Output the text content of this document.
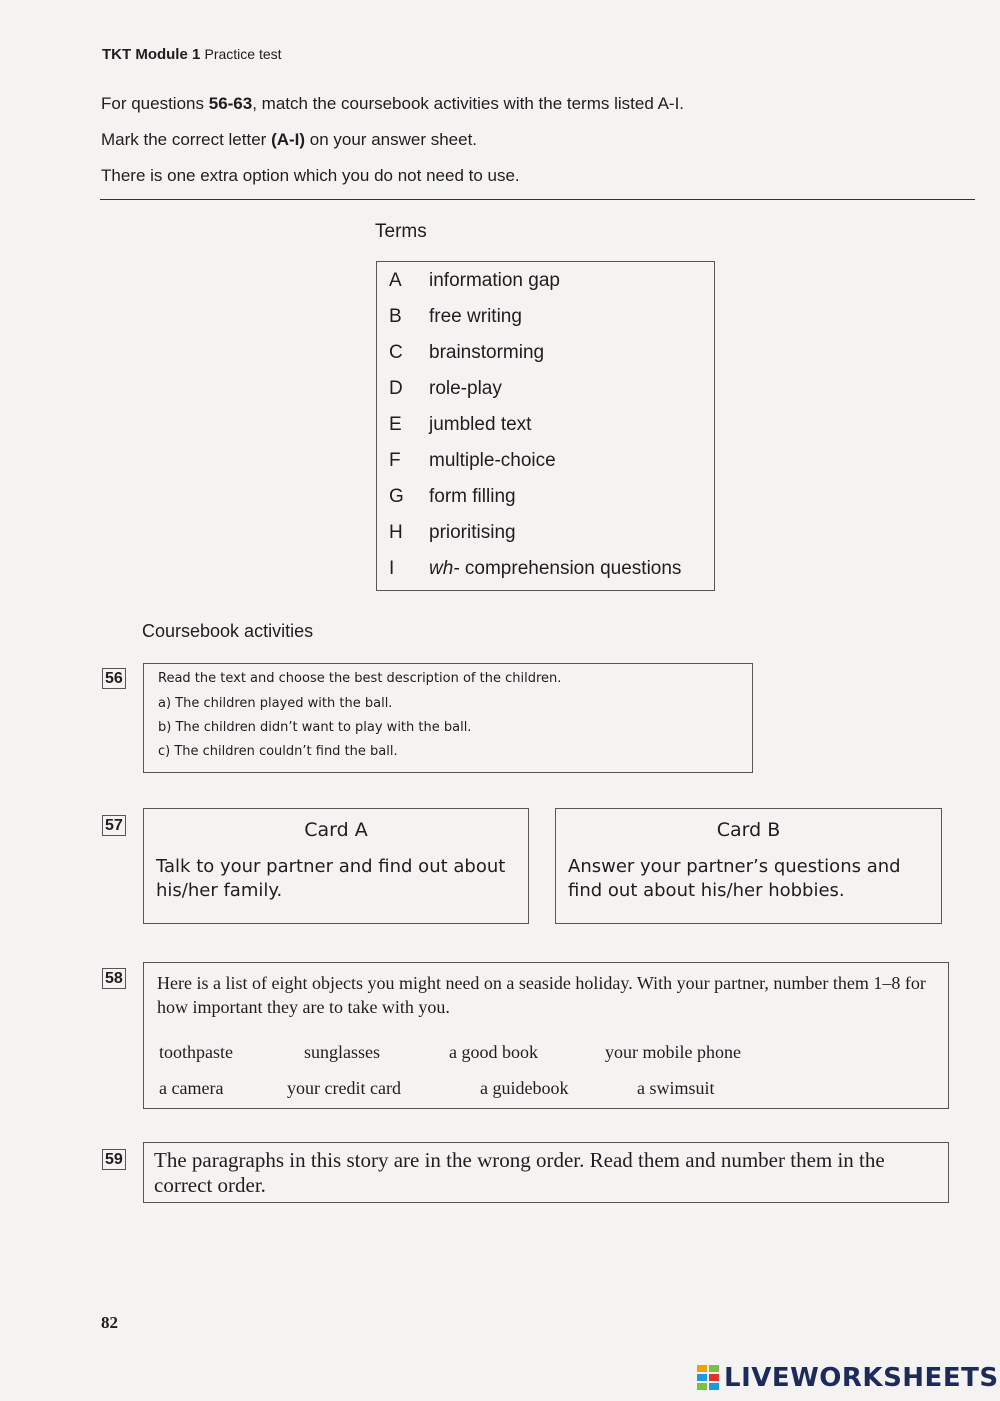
TKT Module 1 Practice test
For questions 56-63, match the coursebook activities with the terms listed A-I.
Mark the correct letter (A-I) on your answer sheet.
There is one extra option which you do not need to use.
Terms
A information gap
B free writing
C brainstorming
D role-play
E jumbled text
F multiple-choice
G form filling
H prioritising
I wh- comprehension questions
Coursebook activities
56	Read the text and choose the best description of the children.
a) The children played with the ball.
b) The children didn’t want to play with the ball.
c) The children couldn’t find the ball.
57	Card A
Talk to your partner and find out about his/her family.
Card B
Answer your partner’s questions and find out about his/her hobbies.
58 Here is a list of eight objects you might need on a seaside holiday. With your partner, number them 1–8 for how important they are to take with you.
toothpaste	sunglasses	a good book	your mobile phone
a camera	your credit card	a guidebook	a swimsuit
59 The paragraphs in this story are in the wrong order. Read them and number them in the correct order.
82
LIVEWORKSHEETS
